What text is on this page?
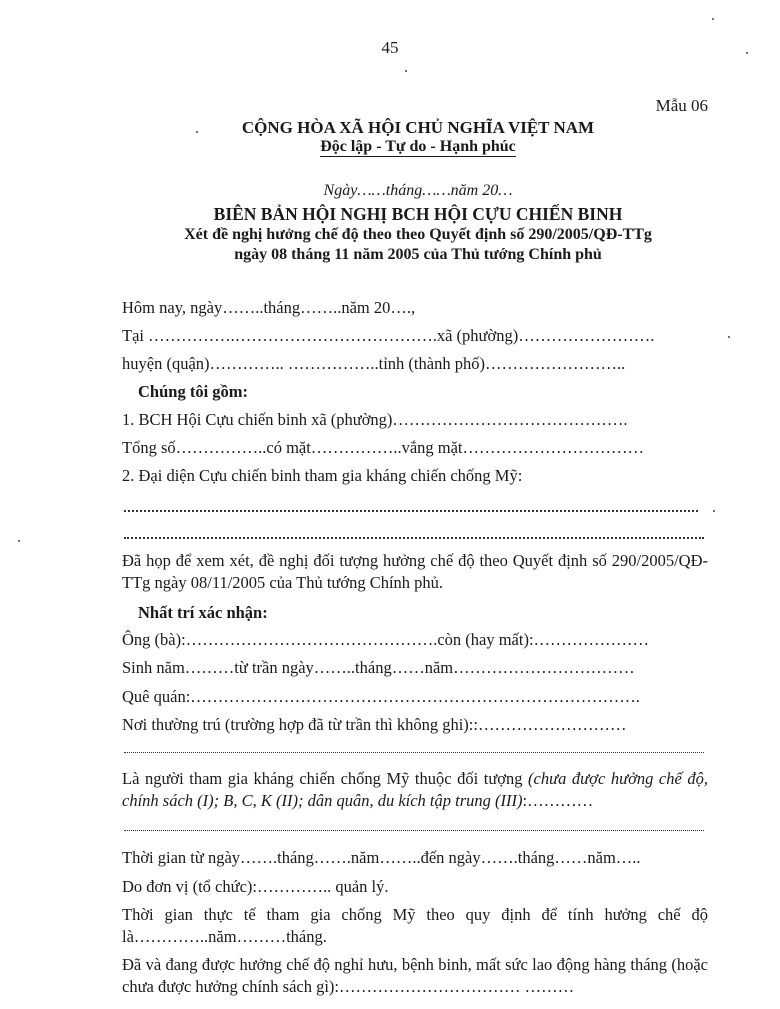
45
Mẫu 06
CỘNG HÒA XÃ HỘI CHỦ NGHĨA VIỆT NAM
Độc lập - Tự do - Hạnh phúc
Ngày……tháng……năm 20…
BIÊN BẢN HỘI NGHỊ BCH HỘI CỰU CHIẾN BINH
Xét đề nghị hưởng chế độ theo theo Quyết định số 290/2005/QĐ-TTg
ngày 08 tháng 11 năm 2005 của Thủ tướng Chính phủ
Hôm nay, ngày……..tháng……..năm 20….,
Tại …………….……………………………….xã (phường)…………………….
huyện (quận)………….. ……………..tỉnh (thành phố)……………………..
Chúng tôi gồm:
1. BCH Hội Cựu chiến binh xã (phường)…………………………………….
Tổng số……………..có mặt……………..vắng mặt……………………………
2. Đại diện Cựu chiến binh tham gia kháng chiến chống Mỹ:
Đã họp để xem xét, đề nghị đối tượng hưởng chế độ theo Quyết định số 290/2005/QĐ-TTg ngày 08/11/2005 của Thủ tướng Chính phủ.
Nhất trí xác nhận:
Ông (bà):……………………………………….còn (hay mất):…………………
Sinh năm………từ trần ngày……..tháng……năm……………………………
Quê quán:……………………………………………………………………….
Nơi thường trú (trường hợp đã từ trần thì không ghi)::………………………
Là người tham gia kháng chiến chống Mỹ thuộc đối tượng (chưa được hưởng chế độ, chính sách (I); B, C, K (II); dân quân, du kích tập trung (III):…………
Thời gian từ ngày…….tháng…….năm……..đến ngày…….tháng……năm…..
Do đơn vị (tổ chức):………….. quản lý.
Thời gian thực tế tham gia chống Mỹ theo quy định để tính hưởng chế độ là…………..năm………tháng.
Đã và đang được hưởng chế độ nghỉ hưu, bệnh binh, mất sức lao động hàng tháng (hoặc chưa được hưởng chính sách gì):…………………………… ………
